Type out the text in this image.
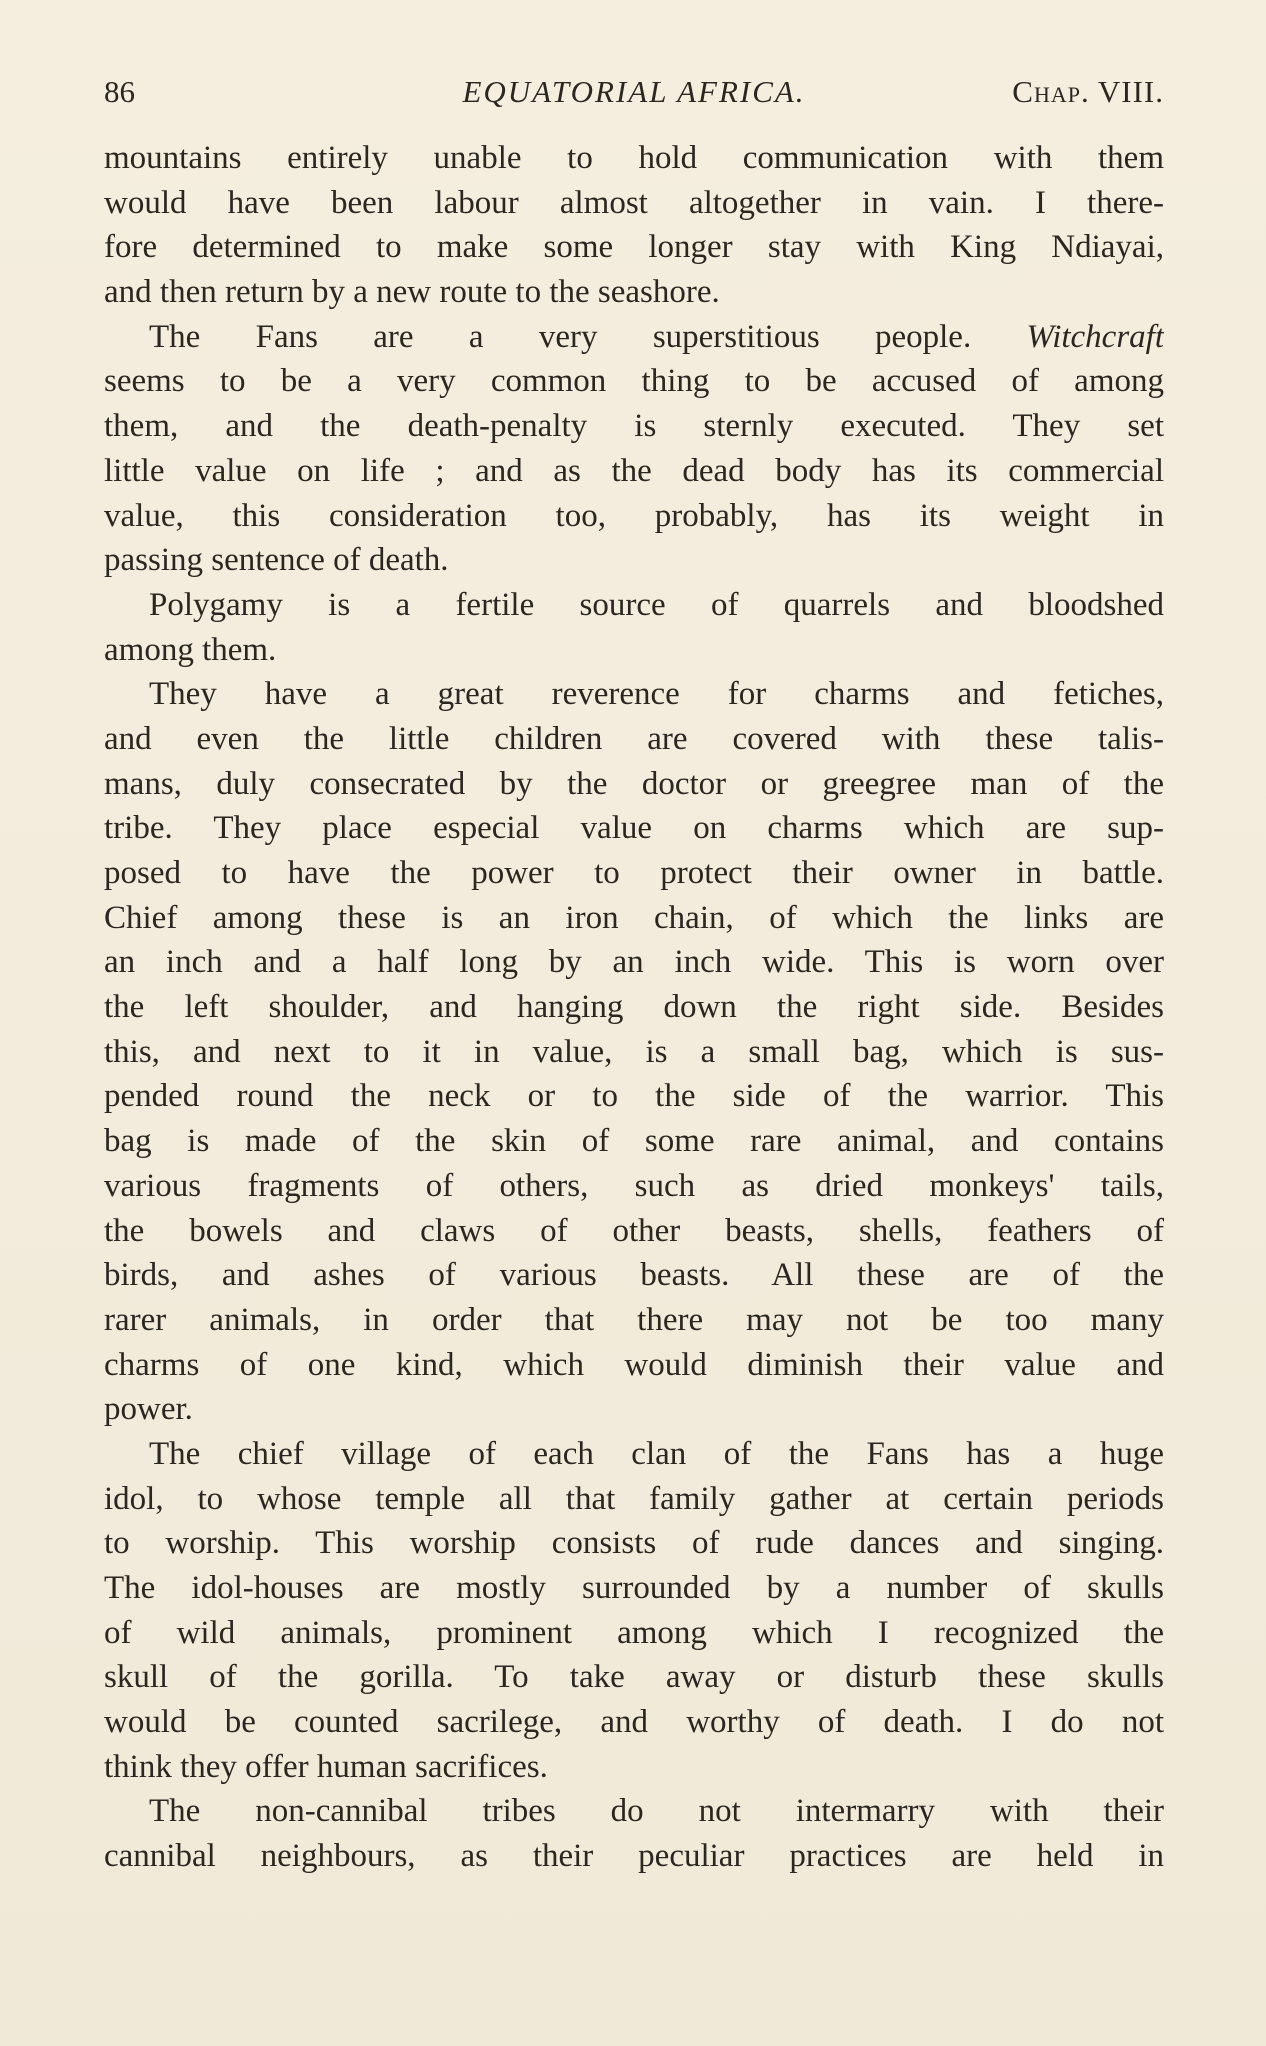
86	EQUATORIAL AFRICA.	Chap. VIII.

mountains entirely unable to hold communication with them
would have been labour almost altogether in vain. I there-
fore determined to make some longer stay with King Ndiayai,
and then return by a new route to the seashore.

The Fans are a very superstitious people. Witchcraft
seems to be a very common thing to be accused of among
them, and the death-penalty is sternly executed. They set
little value on life ; and as the dead body has its commercial
value, this consideration too, probably, has its weight in
passing sentence of death.

Polygamy is a fertile source of quarrels and bloodshed
among them.

They have a great reverence for charms and fetiches,
and even the little children are covered with these talis-
mans, duly consecrated by the doctor or greegree man of the
tribe. They place especial value on charms which are sup-
posed to have the power to protect their owner in battle.
Chief among these is an iron chain, of which the links are
an inch and a half long by an inch wide. This is worn over
the left shoulder, and hanging down the right side. Besides
this, and next to it in value, is a small bag, which is sus-
pended round the neck or to the side of the warrior. This
bag is made of the skin of some rare animal, and contains
various fragments of others, such as dried monkeys' tails,
the bowels and claws of other beasts, shells, feathers of
birds, and ashes of various beasts. All these are of the
rarer animals, in order that there may not be too many
charms of one kind, which would diminish their value and
power.

The chief village of each clan of the Fans has a huge
idol, to whose temple all that family gather at certain periods
to worship. This worship consists of rude dances and singing.
The idol-houses are mostly surrounded by a number of skulls
of wild animals, prominent among which I recognized the
skull of the gorilla. To take away or disturb these skulls
would be counted sacrilege, and worthy of death. I do not
think they offer human sacrifices.

The non-cannibal tribes do not intermarry with their
cannibal neighbours, as their peculiar practices are held in
